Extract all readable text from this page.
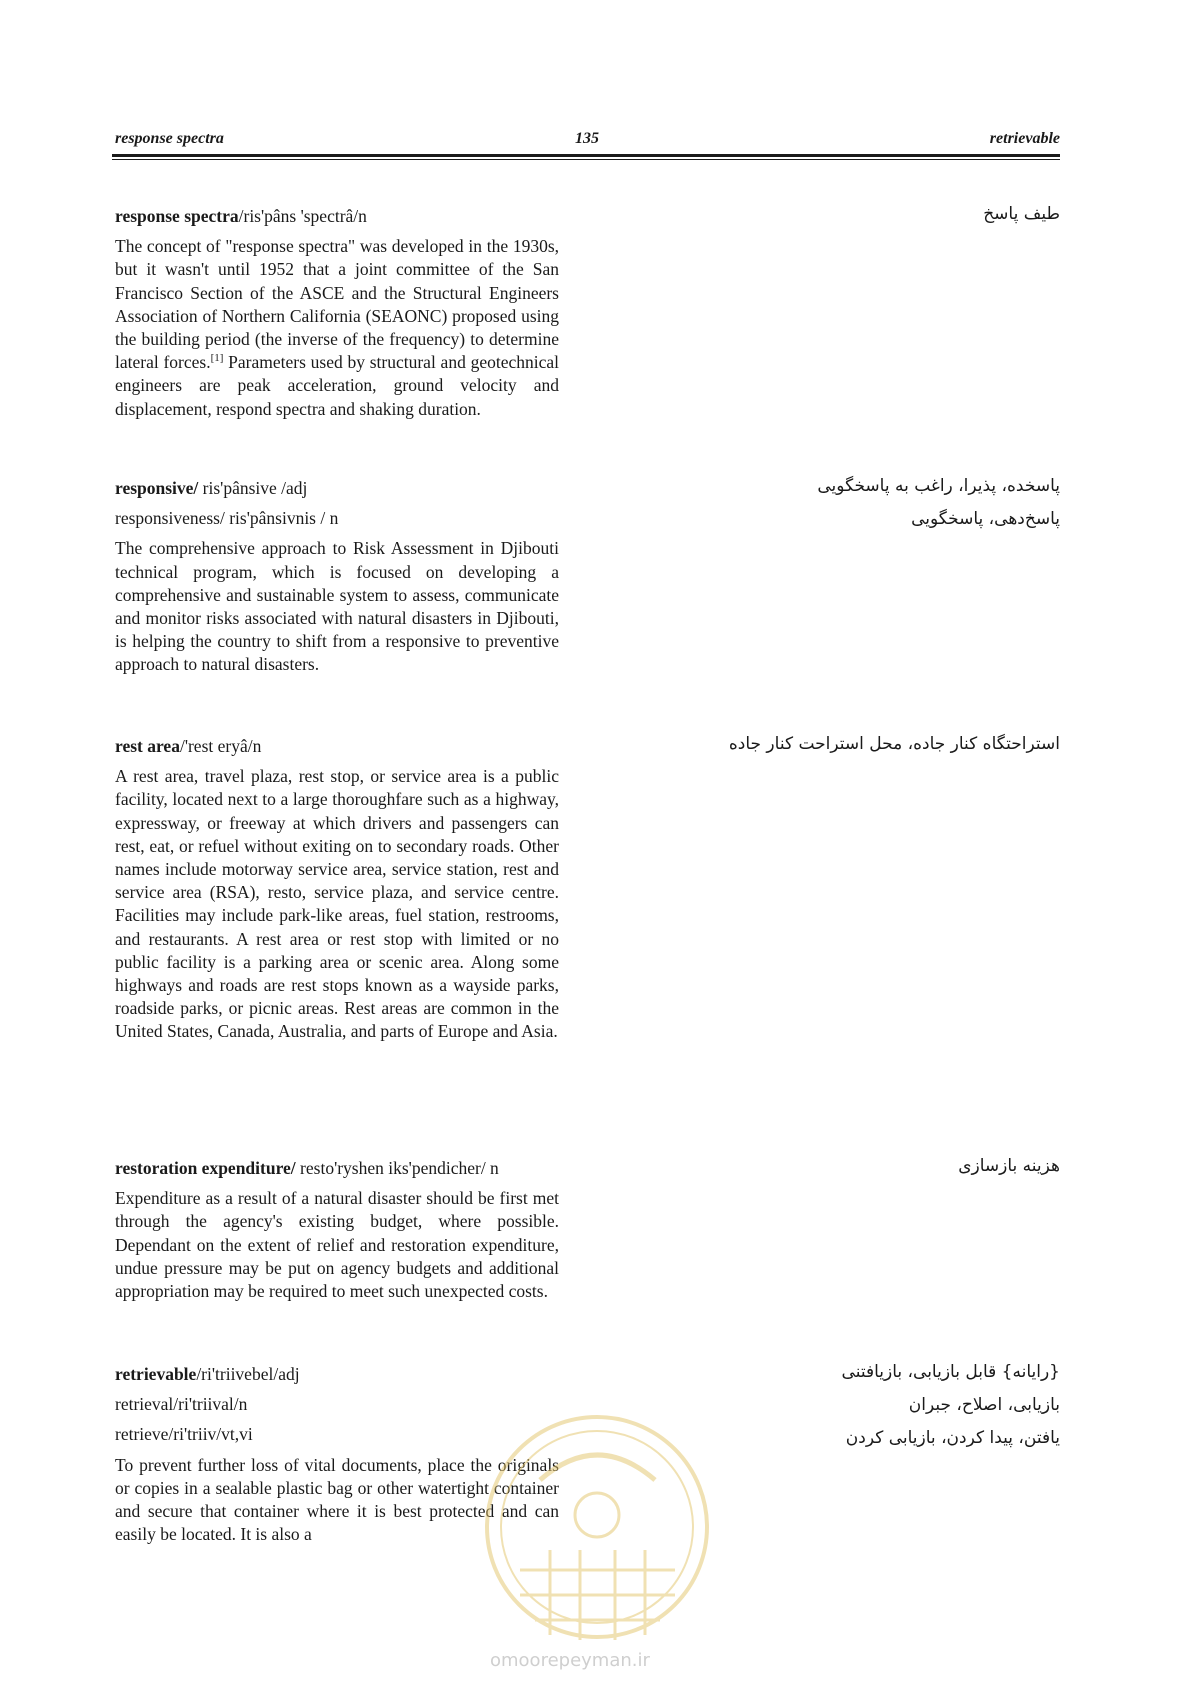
response spectra	135	retrievable

response spectra/ris'pâns 'spectrâ/n

The concept of "response spectra" was developed in the 1930s, but it wasn't until 1952 that a joint committee of the San Francisco Section of the ASCE and the Structural Engineers Association of Northern California (SEAONC) proposed using the building period (the inverse of the frequency) to determine lateral forces.[1] Parameters used by structural and geotechnical engineers are peak acceleration, ground velocity and displacement, respond spectra and shaking duration.

طیف پاسخ

responsive/ ris'pânsive /adj

responsiveness/ ris'pânsivnis / n

The comprehensive approach to Risk Assessment in Djibouti technical program, which is focused on developing a comprehensive and sustainable system to assess, communicate and monitor risks associated with natural disasters in Djibouti, is helping the country to shift from a responsive to preventive approach to natural disasters.

پاسخده، پذیرا، راغب به پاسخگویی
پاسخ‌دهی، پاسخگویی

rest area/'rest eryâ/n

A rest area, travel plaza, rest stop, or service area is a public facility, located next to a large thoroughfare such as a highway, expressway, or freeway at which drivers and passengers can rest, eat, or refuel without exiting on to secondary roads. Other names include motorway service area, service station, rest and service area (RSA), resto, service plaza, and service centre. Facilities may include park-like areas, fuel station, restrooms, and restaurants. A rest area or rest stop with limited or no public facility is a parking area or scenic area. Along some highways and roads are rest stops known as a wayside parks, roadside parks, or picnic areas. Rest areas are common in the United States, Canada, Australia, and parts of Europe and Asia.

استراحتگاه کنار جاده، محل استراحت کنار جاده

restoration expenditure/ resto'ryshen iks'pendicher/ n

Expenditure as a result of a natural disaster should be first met through the agency's existing budget, where possible. Dependant on the extent of relief and restoration expenditure, undue pressure may be put on agency budgets and additional appropriation may be required to meet such unexpected costs.

هزینه بازسازی

retrievable/ri'triivebel/adj

retrieval/ri'triival/n

retrieve/ri'triiv/vt,vi

To prevent further loss of vital documents, place the originals or copies in a sealable plastic bag or other watertight container and secure that container where it is best protected and can easily be located. It is also a

{رایانه} قابل بازیابی، بازیافتنی
بازیابی، اصلاح، جبران
یافتن، پیدا کردن، بازیابی کردن
omoorepeyman.ir
